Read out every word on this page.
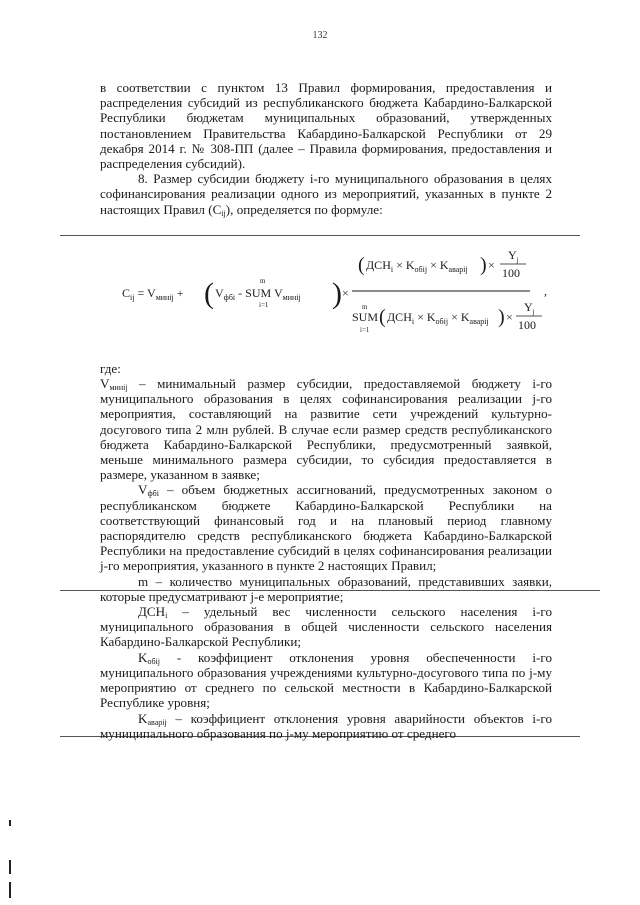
132

в соответствии с пунктом 13 Правил формирования, предоставления и распределения субсидий из республиканского бюджета Кабардино-Балкарской Республики бюджетам муниципальных образований, утвержденных постановлением Правительства Кабардино-Балкарской Республики от 29 декабря 2014 г. № 308-ПП (далее – Правила формирования, предоставления и распределения субсидий).

8. Размер субсидии бюджету i-го муниципального образования в целях софинансирования реализации одного из мероприятий, указанных в пункте 2 настоящих Правил $(C_{ij})$, определяется по формуле:

$C_{ij} = V_{минij}$ + ( $V_{фбi}$ - SUM $V_{минij}$
m
i=1 ) ×
( $ДСН_i \times K_{обij} \times K_{аварij}$ ) ×
$Y_j$
100
m
SUM
i=1
( $ДСН_i \times K_{обij} \times K_{аварij}$ ) ×
$Y_j$
100
,

где:

$V_{минij}$ – минимальный размер субсидии, предоставляемой бюджету i-го муниципального образования в целях софинансирования реализации j-го мероприятия, составляющий на развитие сети учреждений культурно-досугового типа 2 млн рублей. В случае если размер средств республиканского бюджета Кабардино-Балкарской Республики, предусмотренный заявкой, меньше минимального размера субсидии, то субсидия предоставляется в размере, указанном в заявке;

$V_{фбi}$ – объем бюджетных ассигнований, предусмотренных законом о республиканском бюджете Кабардино-Балкарской Республики на соответствующий финансовый год и на плановый период главному распорядителю средств республиканского бюджета Кабардино-Балкарской Республики на предоставление субсидий в целях софинансирования реализации j-го мероприятия, указанного в пункте 2 настоящих Правил;

m – количество муниципальных образований, представивших заявки, которые предусматривают j-е мероприятие;

$ДСН_i$ – удельный вес численности сельского населения i-го муниципального образования в общей численности сельского населения Кабардино-Балкарской Республики;

$K_{обij}$ - коэффициент отклонения уровня обеспеченности i-го муниципального образования учреждениями культурно-досугового типа по j-му мероприятию от среднего по сельской местности в Кабардино-Балкарской Республике уровня;

$K_{аварij}$ – коэффициент отклонения уровня аварийности объектов i-го муниципального образования по j-му мероприятию от среднего
